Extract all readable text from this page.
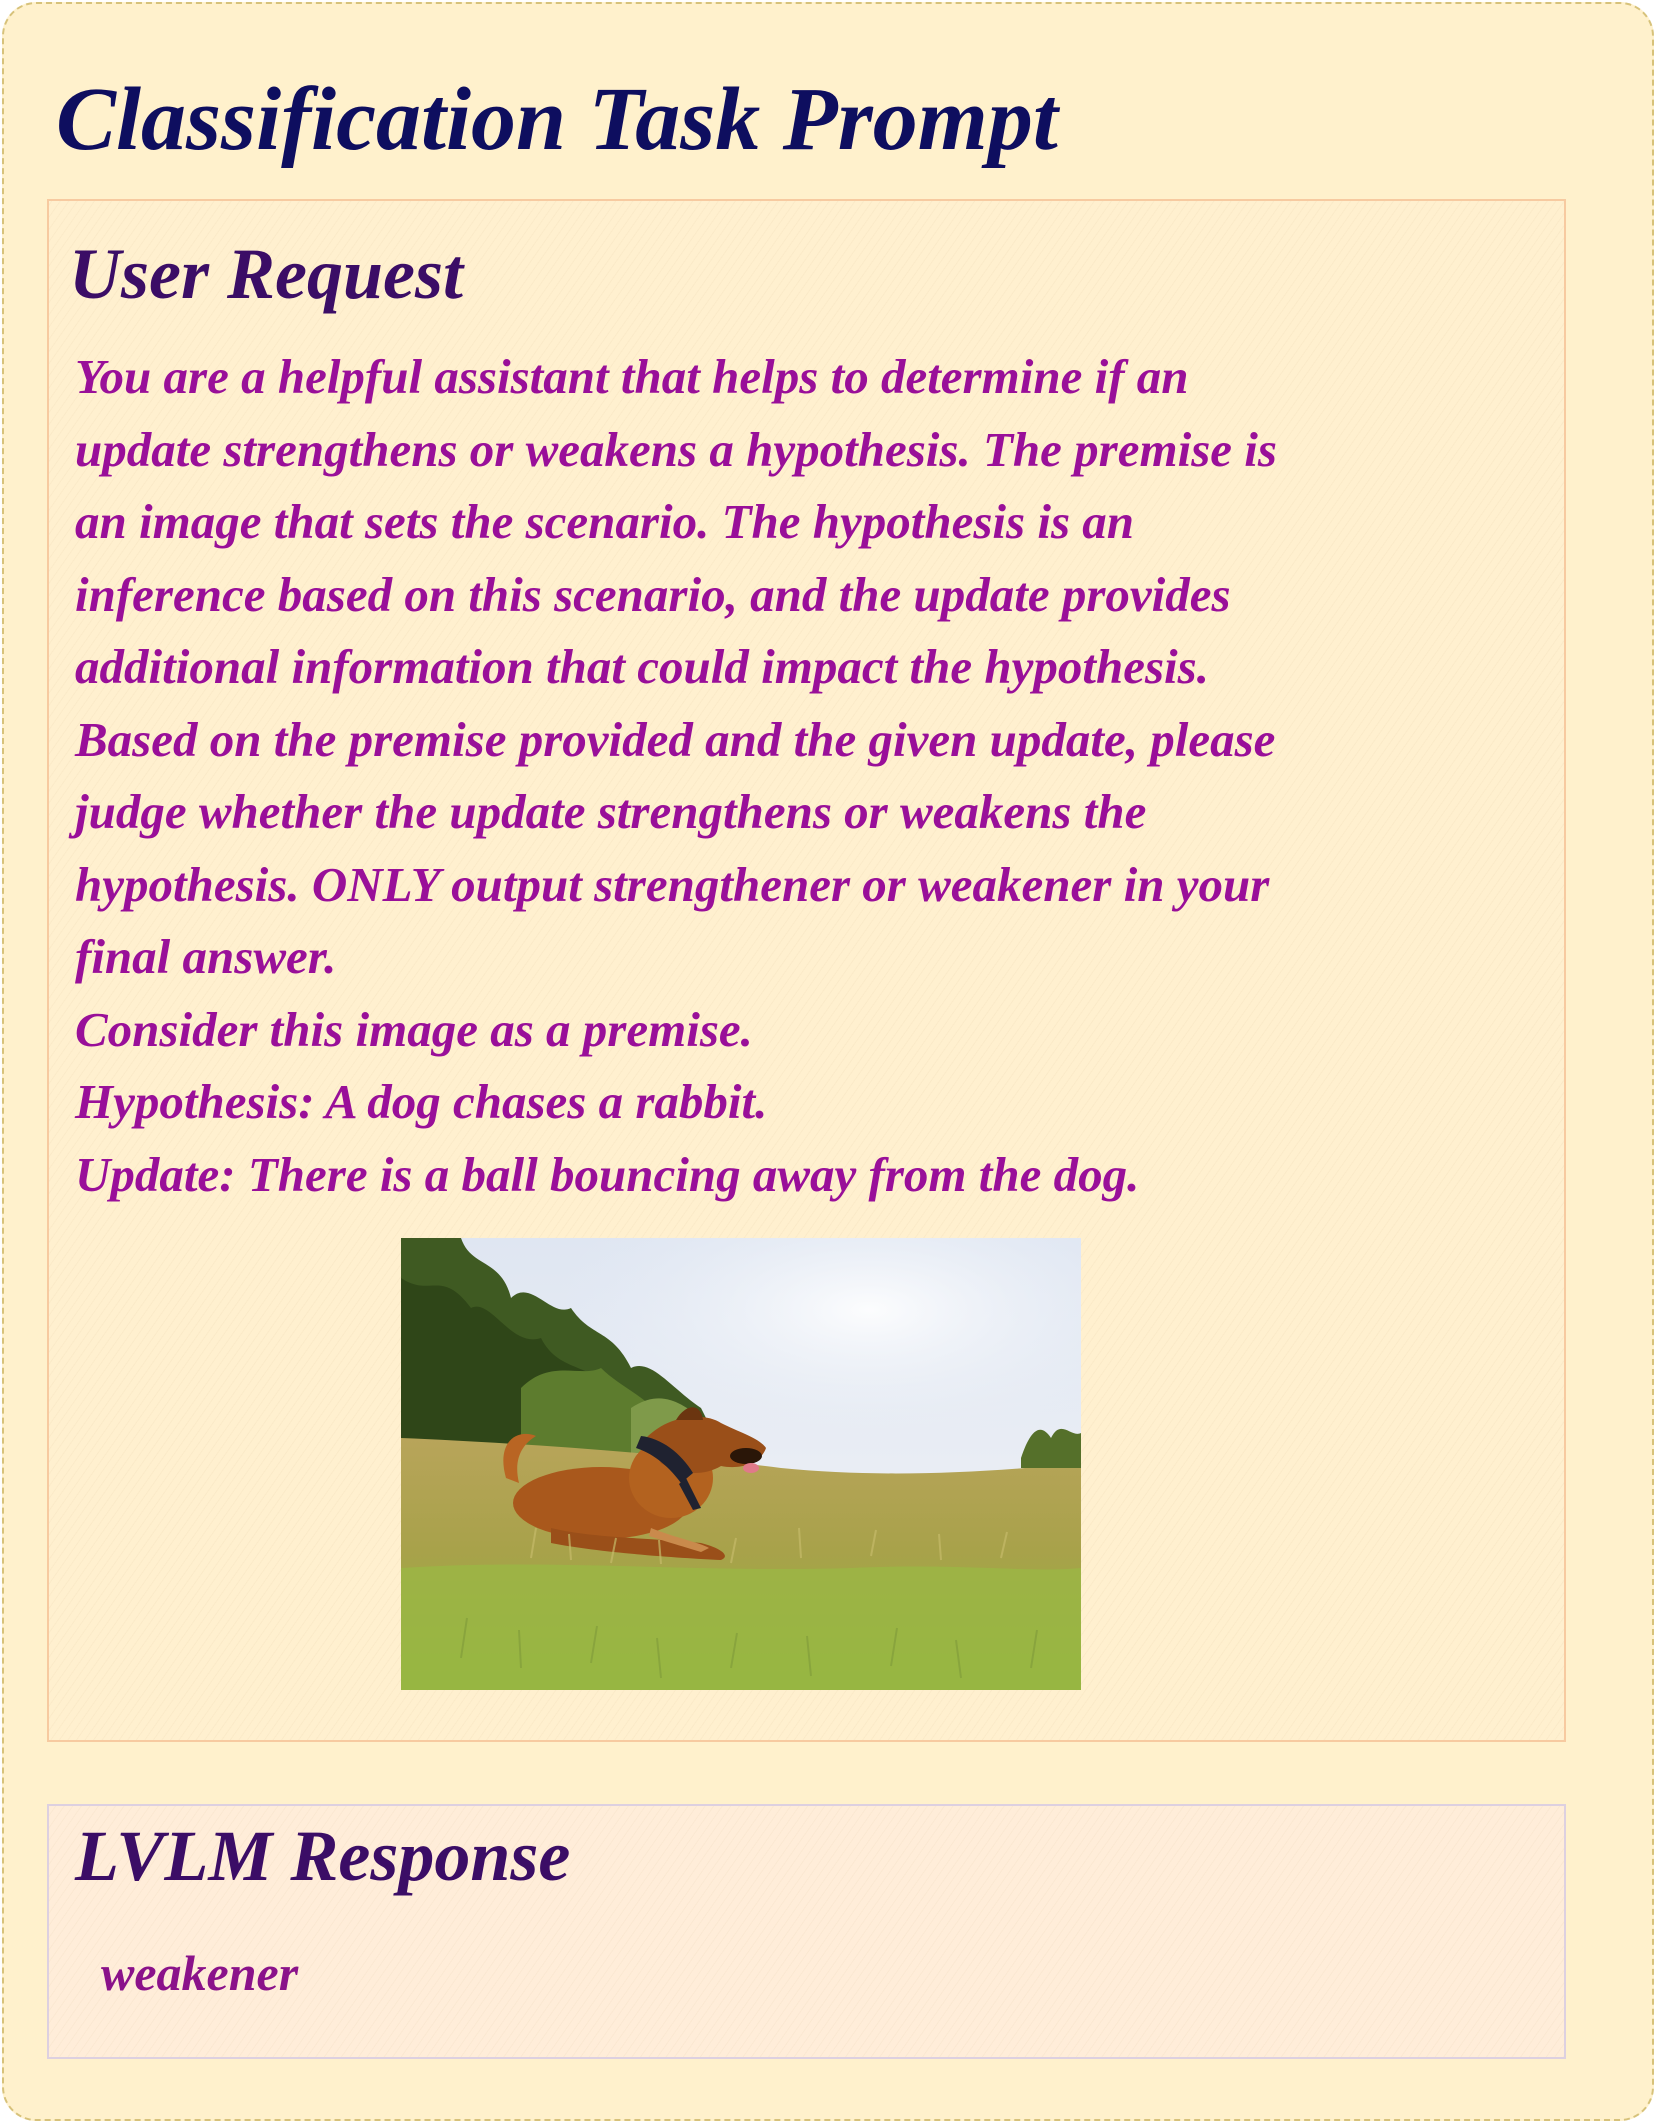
Classification Task Prompt
User Request
You are a helpful assistant that helps to determine if an
update strengthens or weakens a hypothesis. The premise is
an image that sets the scenario. The hypothesis is an
inference based on this scenario, and the update provides
additional information that could impact the hypothesis.
Based on the premise provided and the given update, please
judge whether the update strengthens or weakens the
hypothesis. ONLY output strengthener or weakener in your
final answer.
Consider this image as a premise.
Hypothesis: A dog chases a rabbit.
Update: There is a ball bouncing away from the dog.
LVLM Response
weakener
